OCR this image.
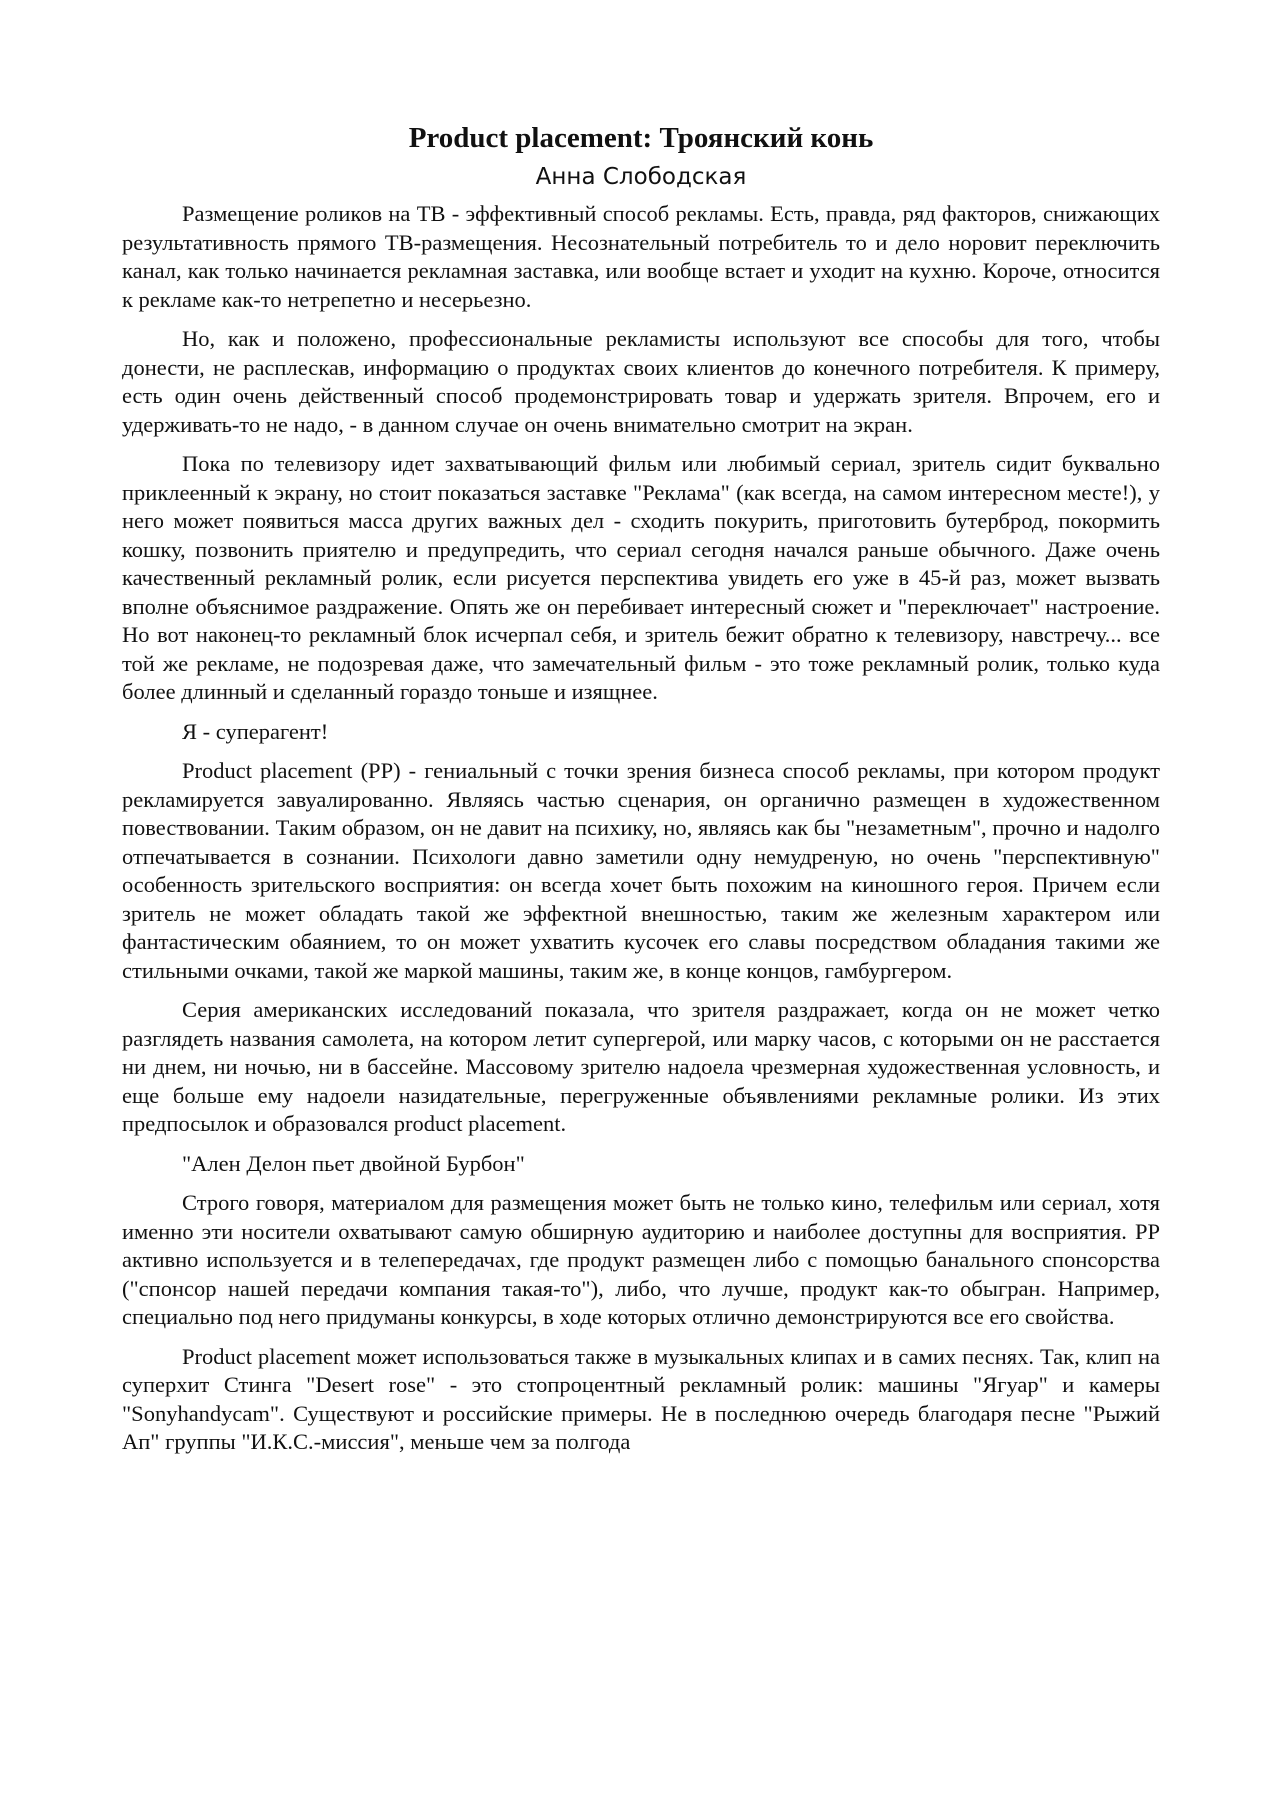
Product placement: Троянский конь
Анна Слободская

Размещение роликов на ТВ - эффективный способ рекламы. Есть, правда, ряд факторов, снижающих результативность прямого ТВ-размещения. Несознательный потребитель то и дело норовит переключить канал, как только начинается рекламная заставка, или вообще встает и уходит на кухню. Короче, относится к рекламе как-то нетрепетно и несерьезно.

Но, как и положено, профессиональные рекламисты используют все способы для того, чтобы донести, не расплескав, информацию о продуктах своих клиентов до конечного потребителя. К примеру, есть один очень действенный способ продемонстрировать товар и удержать зрителя. Впрочем, его и удерживать-то не надо, - в данном случае он очень внимательно смотрит на экран.

Пока по телевизору идет захватывающий фильм или любимый сериал, зритель сидит буквально приклеенный к экрану, но стоит показаться заставке "Реклама" (как всегда, на самом интересном месте!), у него может появиться масса других важных дел - сходить покурить, приготовить бутерброд, покормить кошку, позвонить приятелю и предупредить, что сериал сегодня начался раньше обычного. Даже очень качественный рекламный ролик, если рисуется перспектива увидеть его уже в 45-й раз, может вызвать вполне объяснимое раздражение. Опять же он перебивает интересный сюжет и "переключает" настроение. Но вот наконец-то рекламный блок исчерпал себя, и зритель бежит обратно к телевизору, навстречу... все той же рекламе, не подозревая даже, что замечательный фильм - это тоже рекламный ролик, только куда более длинный и сделанный гораздо тоньше и изящнее.

Я - суперагент!

Product placement (PP) - гениальный с точки зрения бизнеса способ рекламы, при котором продукт рекламируется завуалированно. Являясь частью сценария, он органично размещен в художественном повествовании. Таким образом, он не давит на психику, но, являясь как бы "незаметным", прочно и надолго отпечатывается в сознании. Психологи давно заметили одну немудреную, но очень "перспективную" особенность зрительского восприятия: он всегда хочет быть похожим на киношного героя. Причем если зритель не может обладать такой же эффектной внешностью, таким же железным характером или фантастическим обаянием, то он может ухватить кусочек его славы посредством обладания такими же стильными очками, такой же маркой машины, таким же, в конце концов, гамбургером.

Серия американских исследований показала, что зрителя раздражает, когда он не может четко разглядеть названия самолета, на котором летит супергерой, или марку часов, с которыми он не расстается ни днем, ни ночью, ни в бассейне. Массовому зрителю надоела чрезмерная художественная условность, и еще больше ему надоели назидательные, перегруженные объявлениями рекламные ролики. Из этих предпосылок и образовался product placement.

"Ален Делон пьет двойной Бурбон"

Строго говоря, материалом для размещения может быть не только кино, телефильм или сериал, хотя именно эти носители охватывают самую обширную аудиторию и наиболее доступны для восприятия. PP активно используется и в телепередачах, где продукт размещен либо с помощью банального спонсорства ("спонсор нашей передачи компания такая-то"), либо, что лучше, продукт как-то обыгран. Например, специально под него придуманы конкурсы, в ходе которых отлично демонстрируются все его свойства.

Product placement может использоваться также в музыкальных клипах и в самих песнях. Так, клип на суперхит Стинга "Desert rose" - это стопроцентный рекламный ролик: машины "Ягуар" и камеры "Sonyhandycam". Существуют и российские примеры. Не в последнюю очередь благодаря песне "Рыжий Ап" группы "И.К.С.-миссия", меньше чем за полгода
